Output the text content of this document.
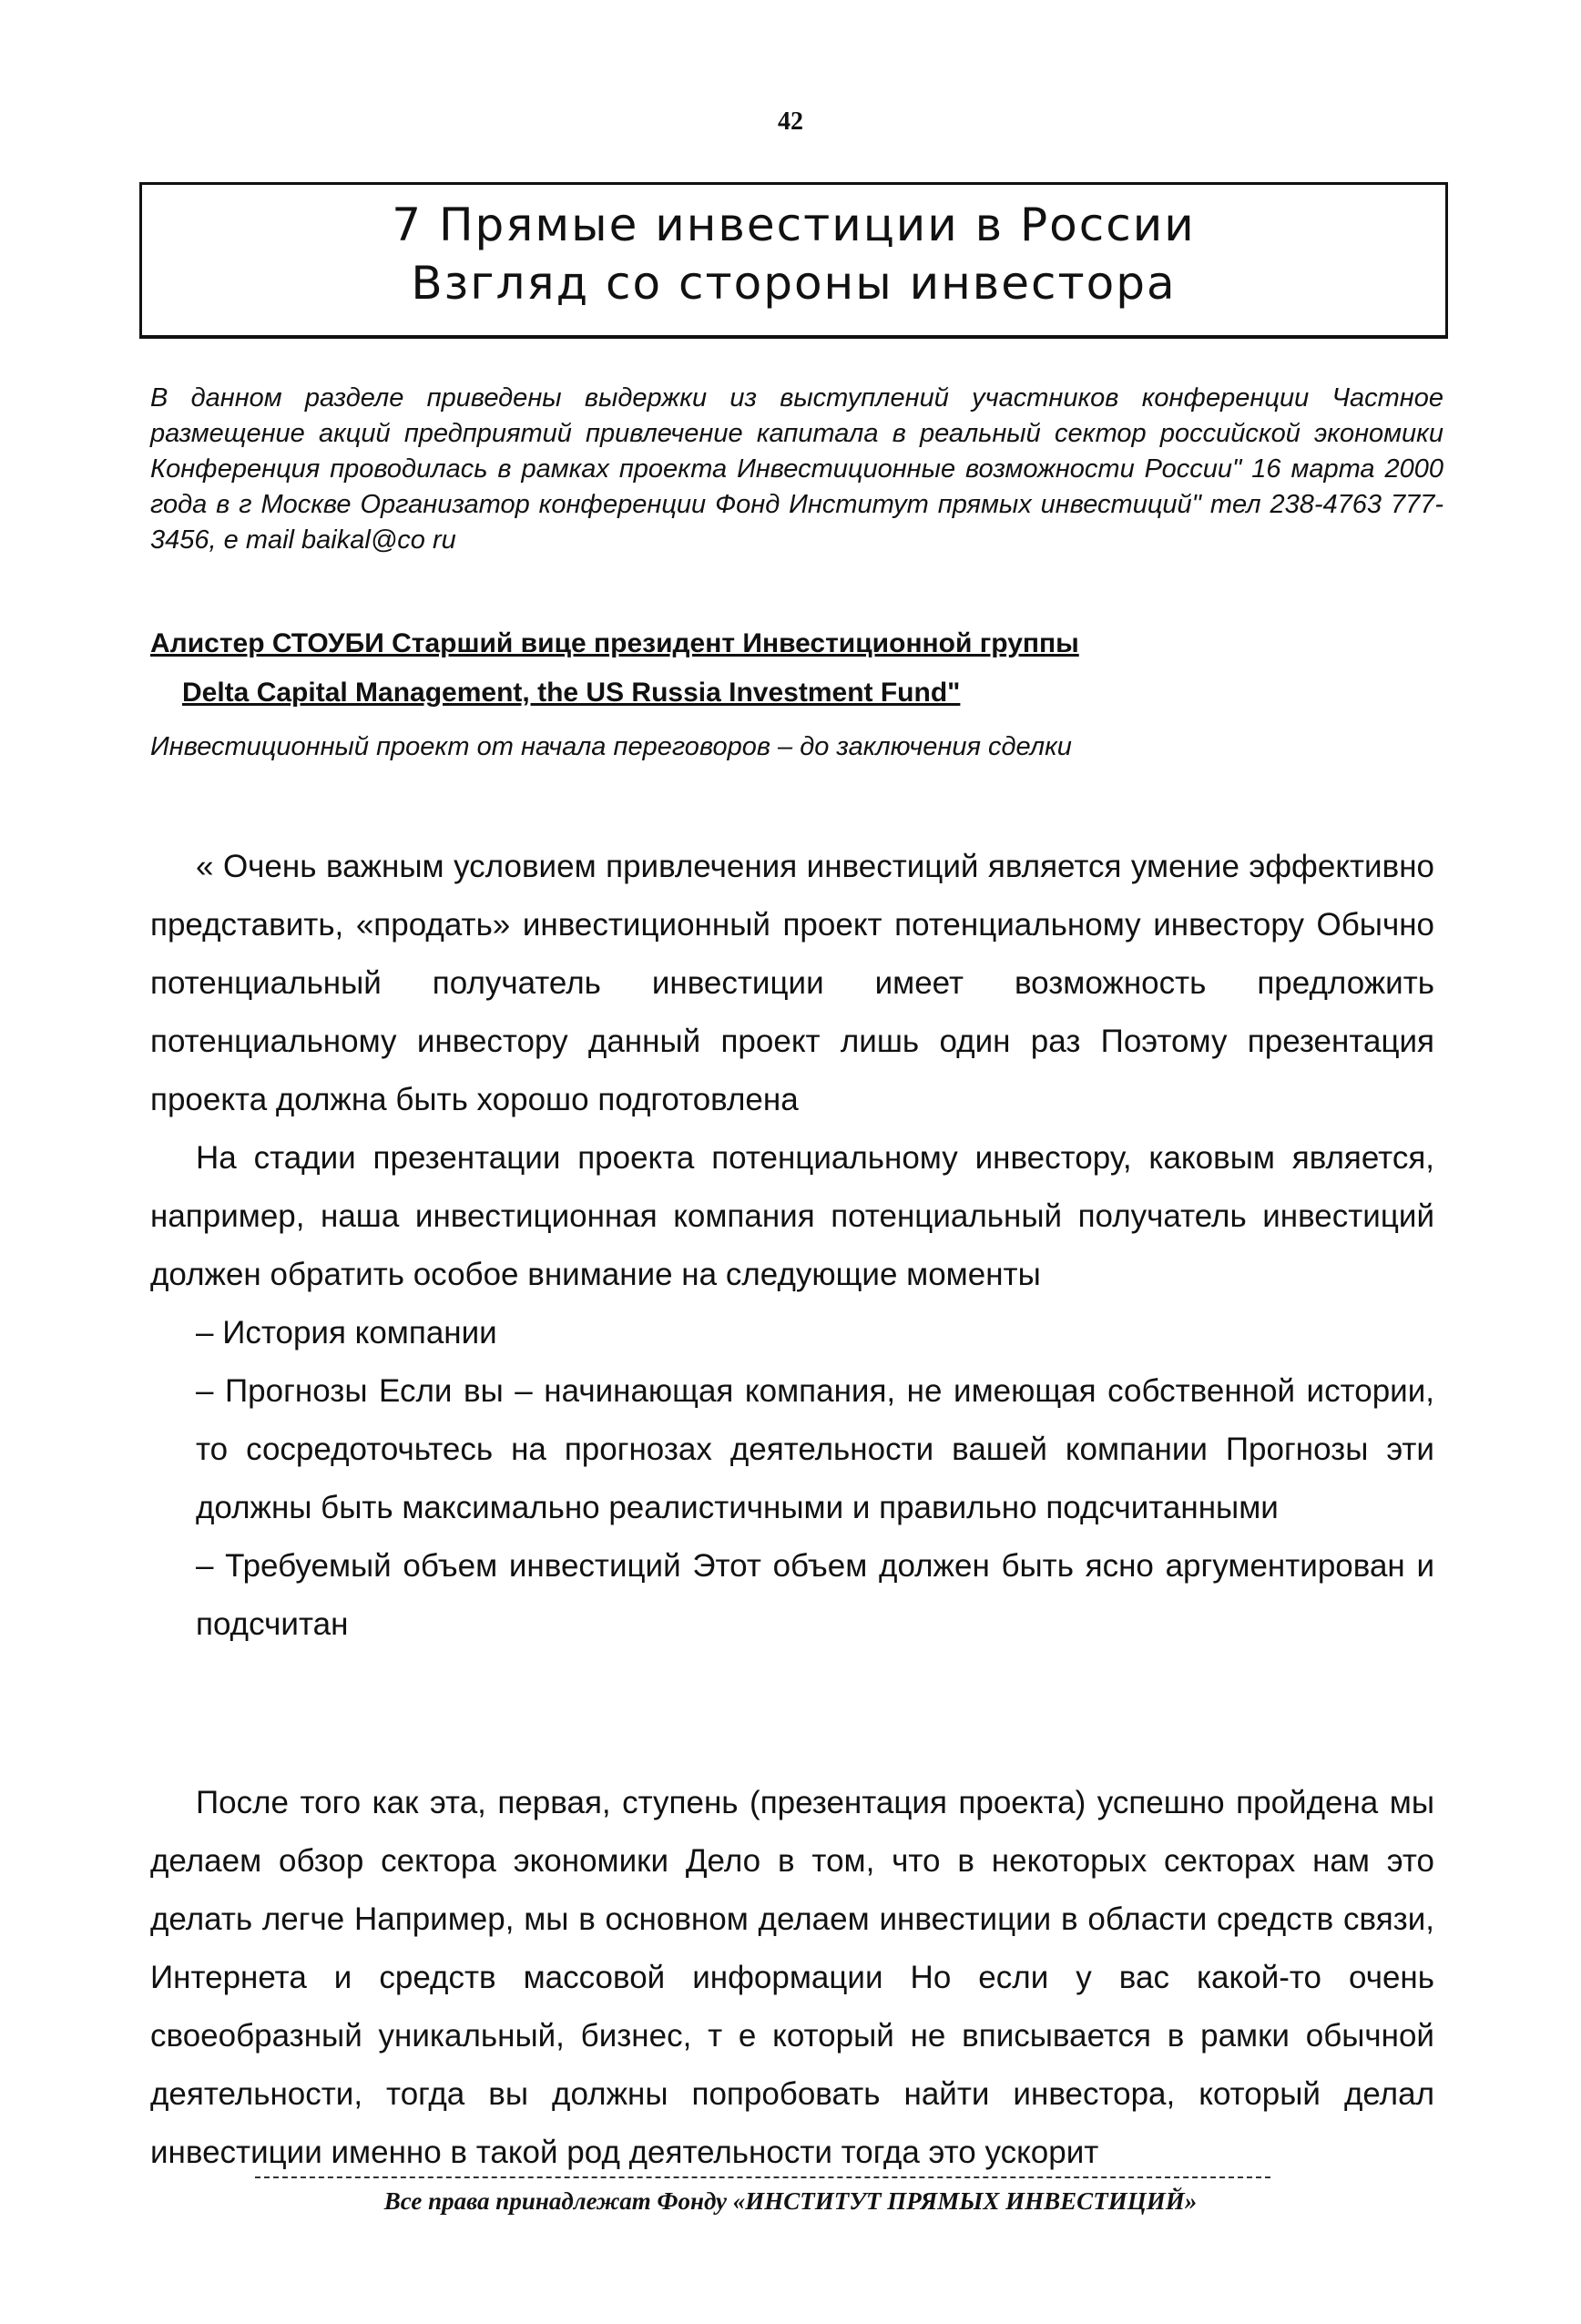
42
7 Прямые инвестиции в России
Взгляд со стороны инвестора
В данном разделе приведены выдержки из выступлений участников конференции Частное размещение акций предприятий привлечение капитала в реальный сектор российской экономики Конференция проводилась в рамках проекта Инвестиционные возможности России" 16 марта 2000 года в г Москве Организатор конференции Фонд Институт прямых инвестиций" тел 238-4763 777-3456, e mail baikal@co ru
Алистер СТОУБИ Старший вице президент Инвестиционной группы
Delta Capital Management, the US Russia Investment Fund"
Инвестиционный проект от начала переговоров – до заключения сделки

« Очень важным условием привлечения инвестиций является умение эффективно представить, «продать» инвестиционный проект потенциальному инвестору Обычно потенциальный получатель инвестиции имеет возможность предложить потенциальному инвестору данный проект лишь один раз Поэтому презентация проекта должна быть хорошо подготовлена

На стадии презентации проекта потенциальному инвестору, каковым является, например, наша инвестиционная компания потенциальный получатель инвестиций должен обратить особое внимание на следующие моменты

– История компании

– Прогнозы Если вы – начинающая компания, не имеющая собственной истории, то сосредоточьтесь на прогнозах деятельности вашей компании Прогнозы эти должны быть максимально реалистичными и правильно подсчитанными

– Требуемый объем инвестиций Этот объем должен быть ясно аргументирован и подсчитан

После того как эта, первая, ступень (презентация проекта) успешно пройдена мы делаем обзор сектора экономики Дело в том, что в некоторых секторах нам это делать легче Например, мы в основном делаем инвестиции в области средств связи, Интернета и средств массовой информации Но если у вас какой-то очень своеобразный уникальный, бизнес, т е который не вписывается в рамки обычной деятельности, тогда вы должны попробовать найти инвестора, который делал инвестиции именно в такой род деятельности тогда это ускорит

Все права принадлежат Фонду «ИНСТИТУТ ПРЯМЫХ ИНВЕСТИЦИЙ»
